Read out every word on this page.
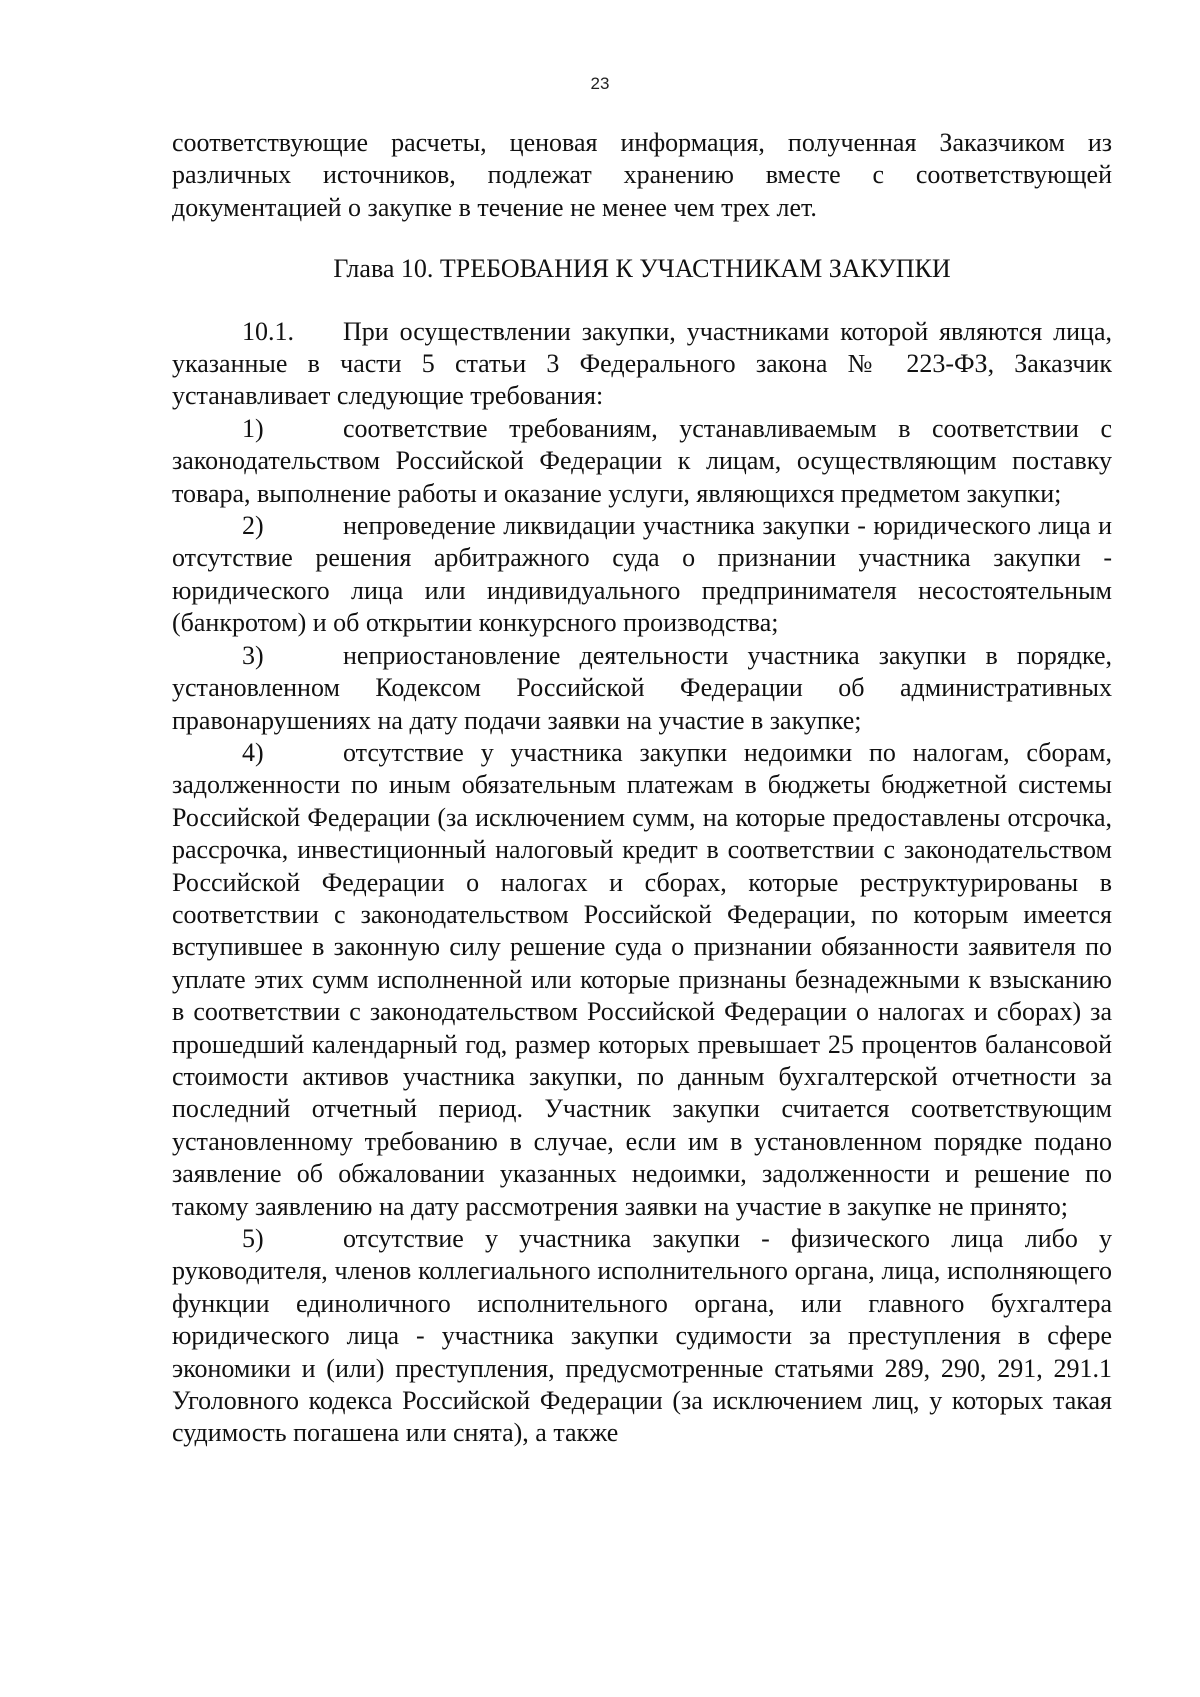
23

соответствующие расчеты, ценовая информация, полученная Заказчиком из различных источников, подлежат хранению вместе с соответствующей документацией о закупке в течение не менее чем трех лет.

Глава 10. ТРЕБОВАНИЯ К УЧАСТНИКАМ ЗАКУПКИ

10.1. При осуществлении закупки, участниками которой являются лица, указанные в части 5 статьи 3 Федерального закона № 223-ФЗ, Заказчик устанавливает следующие требования:

1)	соответствие требованиям, устанавливаемым в соответствии с законодательством Российской Федерации к лицам, осуществляющим поставку товара, выполнение работы и оказание услуги, являющихся предметом закупки;

2)	непроведение ликвидации участника закупки - юридического лица и отсутствие решения арбитражного суда о признании участника закупки - юридического лица или индивидуального предпринимателя несостоятельным (банкротом) и об открытии конкурсного производства;

3)	неприостановление деятельности участника закупки в порядке, установленном Кодексом Российской Федерации об административных правонарушениях на дату подачи заявки на участие в закупке;

4)	отсутствие у участника закупки недоимки по налогам, сборам, задолженности по иным обязательным платежам в бюджеты бюджетной системы Российской Федерации (за исключением сумм, на которые предоставлены отсрочка, рассрочка, инвестиционный налоговый кредит в соответствии с законодательством Российской Федерации о налогах и сборах, которые реструктурированы в соответствии с законодательством Российской Федерации, по которым имеется вступившее в законную силу решение суда о признании обязанности заявителя по уплате этих сумм исполненной или которые признаны безнадежными к взысканию в соответствии с законодательством Российской Федерации о налогах и сборах) за прошедший календарный год, размер которых превышает 25 процентов балансовой стоимости активов участника закупки, по данным бухгалтерской отчетности за последний отчетный период. Участник закупки считается соответствующим установленному требованию в случае, если им в установленном порядке подано заявление об обжаловании указанных недоимки, задолженности и решение по такому заявлению на дату рассмотрения заявки на участие в закупке не принято;

5)	отсутствие у участника закупки - физического лица либо у руководителя, членов коллегиального исполнительного органа, лица, исполняющего функции единоличного исполнительного органа, или главного бухгалтера юридического лица - участника закупки судимости за преступления в сфере экономики и (или) преступления, предусмотренные статьями 289, 290, 291, 291.1 Уголовного кодекса Российской Федерации (за исключением лиц, у которых такая судимость погашена или снята), а также
